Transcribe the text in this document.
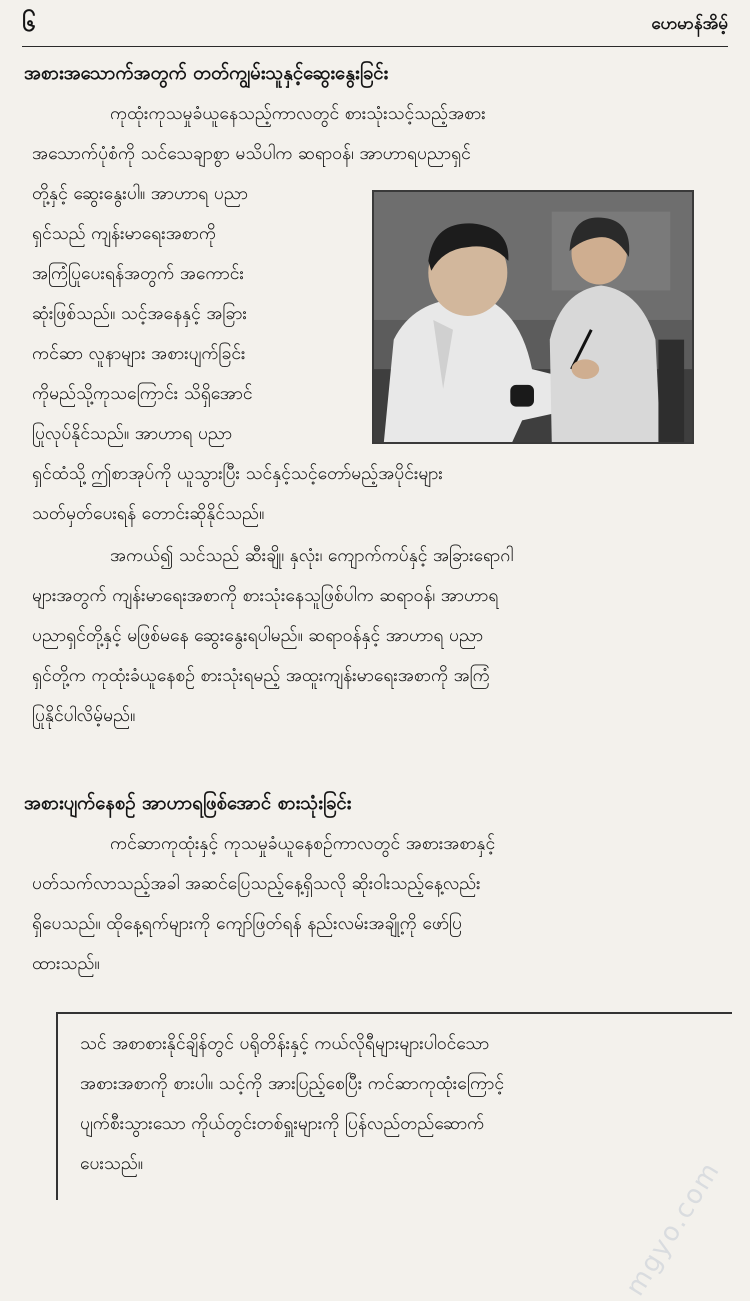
၆	ဟေမာန်အိမ့်
အစားအသောက်အတွက် တတ်ကျွမ်းသူနှင့်ဆွေးနွေးခြင်း
ကုထုံးကုသမှုခံယူနေသည့်ကာလတွင် စားသုံးသင့်သည့်အစား
အသောက်ပုံစံကို သင်သေချာစွာ မသိပါက ဆရာဝန်၊ အာဟာရပညာရှင်
တို့နှင့် ဆွေးနွေးပါ။ အာဟာရ ပညာ
ရှင်သည် ကျန်းမာရေးအစာကို
အကြံပြုပေးရန်အတွက် အကောင်း
ဆုံးဖြစ်သည်။ သင့်အနေနှင့် အခြား
ကင်ဆာ လူနာများ အစားပျက်ခြင်း
ကိုမည်သို့ကုသကြောင်း သိရှိအောင်
ပြုလုပ်နိုင်သည်။ အာဟာရ ပညာ
ရှင်ထံသို့ ဤစာအုပ်ကို ယူသွားပြီး သင်နှင့်သင့်တော်မည့်အပိုင်းများ
သတ်မှတ်ပေးရန် တောင်းဆိုနိုင်သည်။
အကယ်၍ သင်သည် ဆီးချို၊ နှလုံး၊ ကျောက်ကပ်နှင့် အခြားရောဂါ
များအတွက် ကျန်းမာရေးအစာကို စားသုံးနေသူဖြစ်ပါက ဆရာဝန်၊ အာဟာရ
ပညာရှင်တို့နှင့် မဖြစ်မနေ ဆွေးနွေးရပါမည်။ ဆရာဝန်နှင့် အာဟာရ ပညာ
ရှင်တို့က ကုထုံးခံယူနေစဉ် စားသုံးရမည့် အထူးကျန်းမာရေးအစာကို အကြံ
ပြုနိုင်ပါလိမ့်မည်။
အစားပျက်နေစဉ် အာဟာရဖြစ်အောင် စားသုံးခြင်း
ကင်ဆာကုထုံးနှင့် ကုသမှုခံယူနေစဉ်ကာလတွင် အစားအစာနှင့်
ပတ်သက်လာသည့်အခါ အဆင်ပြေသည့်နေ့ရှိသလို ဆိုးဝါးသည့်နေ့လည်း
ရှိပေသည်။ ထိုနေ့ရက်များကို ကျော်ဖြတ်ရန် နည်းလမ်းအချို့ကို ဖော်ပြ
ထားသည်။
သင် အစာစားနိုင်ချိန်တွင် ပရိုတိန်းနှင့် ကယ်လိုရီများများပါဝင်သော
အစားအစာကို စားပါ။ သင့်ကို အားပြည့်စေပြီး ကင်ဆာကုထုံးကြောင့်
ပျက်စီးသွားသော ကိုယ်တွင်းတစ်ရှူးများကို ပြန်လည်တည်ဆောက်
ပေးသည်။	mgyo.com
